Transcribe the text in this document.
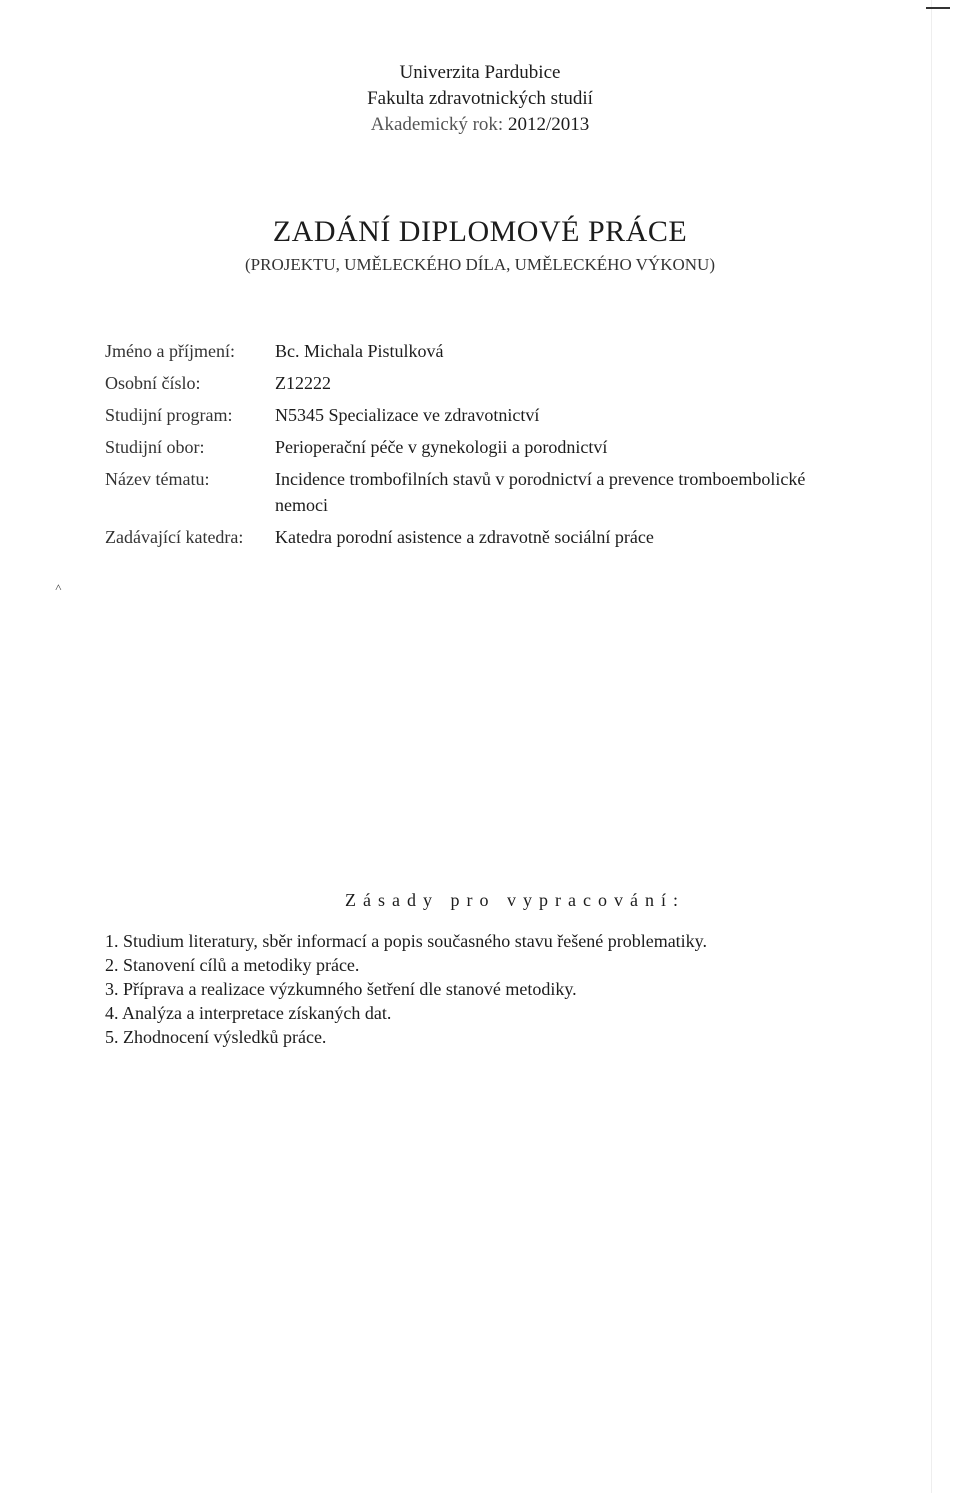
˄
Univerzita Pardubice
Fakulta zdravotnických studií
Akademický rok: 2012/2013
ZADÁNÍ DIPLOMOVÉ PRÁCE
(PROJEKTU, UMĚLECKÉHO DÍLA, UMĚLECKÉHO VÝKONU)
Jméno a příjmení:	Bc. Michala Pistulková
Osobní číslo:	Z12222
Studijní program:	N5345 Specializace ve zdravotnictví
Studijní obor:	Perioperační péče v gynekologii a porodnictví
Název tématu:	Incidence trombofilních stavů v porodnictví a prevence tromboembolické nemoci
Zadávající katedra:	Katedra porodní asistence a zdravotně sociální práce
Zásady pro vypracování:
1. Studium literatury, sběr informací a popis současného stavu řešené problematiky.
2. Stanovení cílů a metodiky práce.
3. Příprava a realizace výzkumného šetření dle stanové metodiky.
4. Analýza a interpretace získaných dat.
5. Zhodnocení výsledků práce.
